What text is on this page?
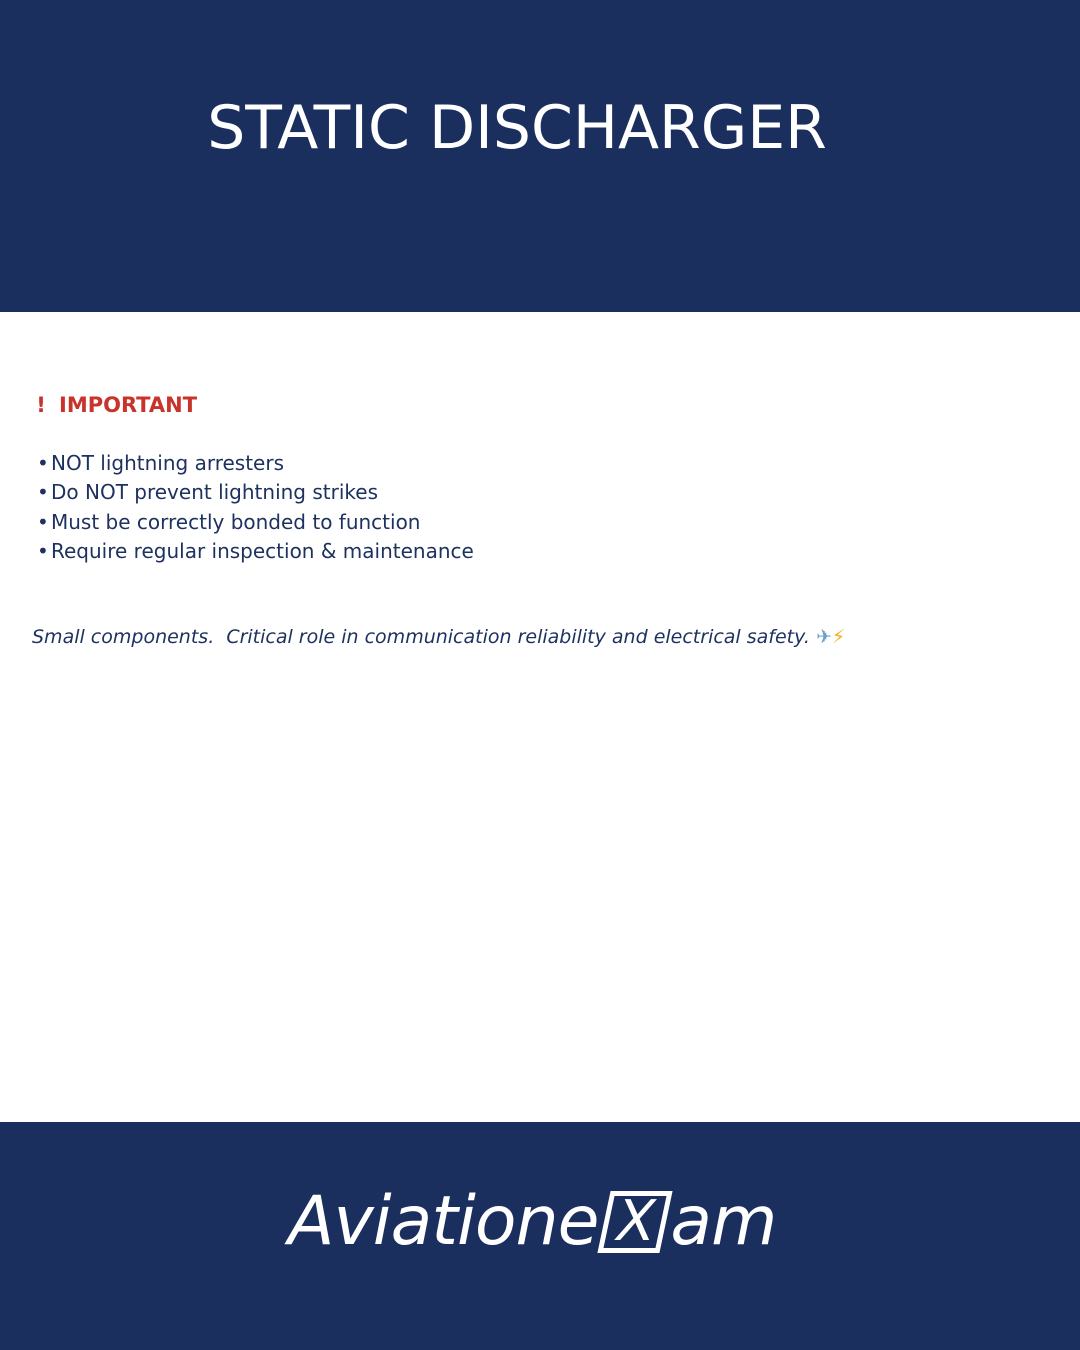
STATIC DISCHARGER
! IMPORTANT
• NOT lightning arresters
• Do NOT prevent lightning strikes
• Must be correctly bonded to function
• Require regular inspection & maintenance
Small components.  Critical role in communication reliability and electrical safety. ✈ ⚡
Aviatione X am
